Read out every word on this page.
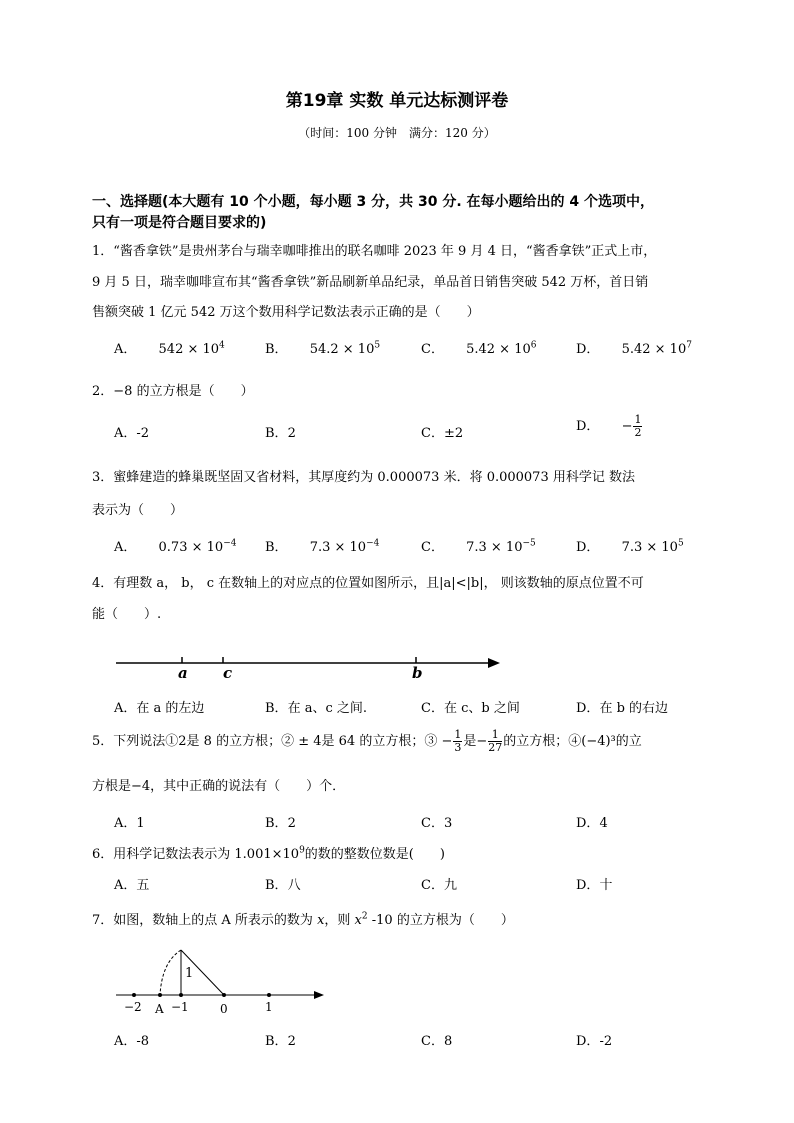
第19章 实数 单元达标测评卷
（时间：100 分钟　满分：120 分）
一、选择题(本大题有 10 个小题，每小题 3 分，共 30 分. 在每小题给出的 4 个选项中，
只有一项是符合题目要求的)
1．“酱香拿铁”是贵州茅台与瑞幸咖啡推出的联名咖啡 2023 年 9 月 4 日，“酱香拿铁”正式上市，
9 月 5 日，瑞幸咖啡宣布其“酱香拿铁”新品刷新单品纪录，单品首日销售突破 542 万杯，首日销
售额突破 1 亿元 542 万这个数用科学记数法表示正确的是（　　）
A． $542 \times 10^4$	B． $54.2 \times 10^5$	C． $5.42 \times 10^6$	D． $5.42 \times 10^7$
2．−8 的立方根是（　　）
A．-2	B．2	C．±2	D． − $\frac{1}{2}$
3．蜜蜂建造的蜂巢既坚固又省材料，其厚度约为 0.000073 米．将 0.000073 用科学记 数法
表示为（　　）
A． $0.73 \times 10^{-4}$ B． $7.3 \times 10^{-4}$	C． $7.3 \times 10^{-5}$	D． $7.3 \times 10^5$
4．有理数 a， b， c 在数轴上的对应点的位置如图所示，且|a|<|b|， 则该数轴的原点位置不可
能（　　）.
a c	b
A．在 a 的左边	B．在 a、c 之间.	C．在 c、b 之间	D．在 b 的右边
5．下列说法①2是 8 的立方根；② ± 4是 64 的立方根；③ − $\frac{1}{3}$ 是− $\frac{1}{27}$ 的立方根；④(−4)³的立
方根是−4，其中正确的说法有（　　）个．
A．1	B．2	C．3	D．4
6．用科学记数法表示为 $1.001\times 10^9$的数的整数位数是(　　)
A．五	B．八	C．九	D．十
7．如图，数轴上的点 A 所表示的数为 x，则 $x^2$ -10 的立方根为（　　）
1
−2 A −1	0	1
A．-8	B．2	C．8	D．-2
